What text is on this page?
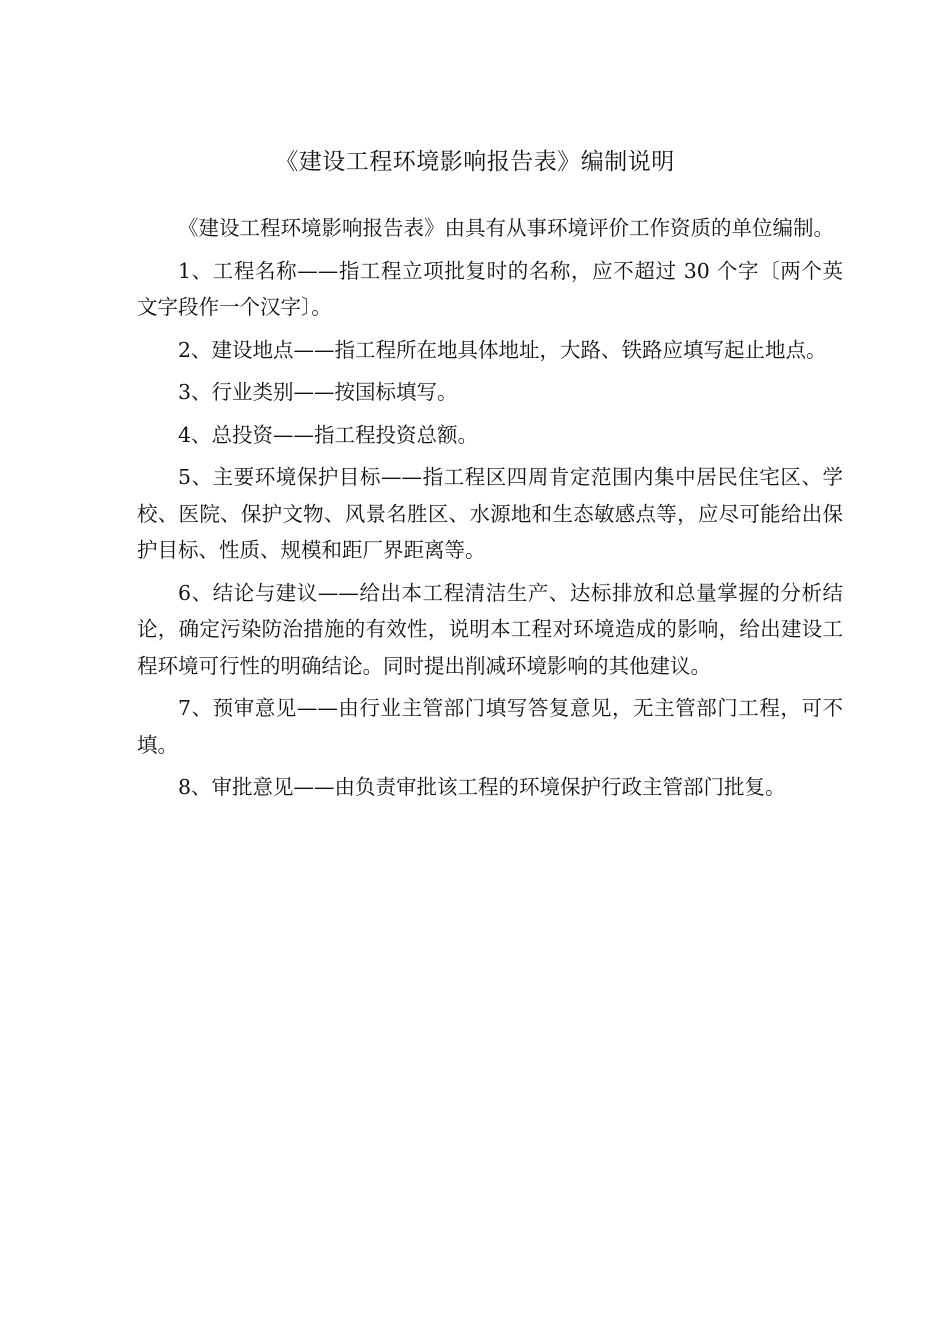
《建设工程环境影响报告表》编制说明

《建设工程环境影响报告表》由具有从事环境评价工作资质的单位编制。

1、工程名称——指工程立项批复时的名称，应不超过 30 个字〔两个英文字段作一个汉字〕。

2、建设地点——指工程所在地具体地址，大路、铁路应填写起止地点。

3、行业类别——按国标填写。

4、总投资——指工程投资总额。

5、主要环境保护目标——指工程区四周肯定范围内集中居民住宅区、学校、医院、保护文物、风景名胜区、水源地和生态敏感点等，应尽可能给出保护目标、性质、规模和距厂界距离等。

6、结论与建议——给出本工程清洁生产、达标排放和总量掌握的分析结论，确定污染防治措施的有效性，说明本工程对环境造成的影响，给出建设工程环境可行性的明确结论。同时提出削减环境影响的其他建议。

7、预审意见——由行业主管部门填写答复意见，无主管部门工程，可不填。

8、审批意见——由负责审批该工程的环境保护行政主管部门批复。
